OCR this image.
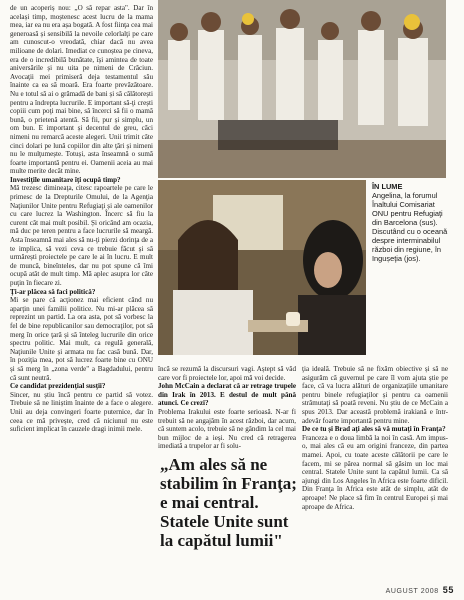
de un acoperiș nou: „O să repar asta". Dar în același timp, moștenesc acest lucru de la mama mea, iar ea nu era așa bogată. A fost fiinţa cea mai generoasă și sensibilă la nevoile celorlalţi pe care am cunoscut-o vreodată, chiar dacă nu avea milioane de dolari. Imediat ce cunoștea pe cineva, era de o incredibilă bunătate, își amintea de toate aniversările și nu uita pe nimeni de Crăciun. Avocaţii mei primiseră deja testamentul său înainte ca ea să moară. Era foarte prevăzătoare. Nu e totul să ai o grămadă de bani și să călătorești pentru a îndrepta lucrurile. E important să-ţi crești copiii cum poţi mai bine, să încerci să fii o mamă bună, o prietenă atentă. Să fii, pur și simplu, un om bun. E important și decentul de greu, căci nimeni nu remarcă aceste alegeri. Unii trimit câte cinci dolari pe lună copiilor din alte ţări și nimeni nu le mulţumește. Totuși, asta înseamnă o sumă foarte importantă pentru ei. Oamenii aceia au mai multe merite decât mine.

Investiţile umanitare îţi ocupă timp?

Mă trezesc dimineaţa, citesc rapoartele pe care le primesc de la Drepturile Omului, de la Agenţia Naţiunilor Unite pentru Refugiaţi și ale oamenilor cu care lucrez la Washington. Încerc să fiu la curent cât mai mult posibil. Și oricând am ocazia, mă duc pe teren pentru a face lucrurile să meargă. Asta înseamnă mai ales să nu-ţi pierzi dorinţa de a te implica, să vezi ceva ce trebuie făcut și să urmărești proiectele pe care le ai în lucru. E mult de muncă, bineînteles, dar nu pot spune că îmi ocupă atât de mult timp. Mă aplec asupra lor câte puţin în fiecare zi.

Ţi-ar plăcea să faci politică?

Mi se pare că acţionez mai eficient când nu aparţin unei familii politice. Nu mi-ar plăcea să reprezint un partid. La ora asta, pot să vorbesc la fel de bine republicanilor sau democraţilor, pot să merg în orice ţară și să înteleg lucrurile din orice spectru politic. Mai mult, ca regulă generală, Naţiunile Unite și armata nu fac casă bună. Dar, în poziţia mea, pot să lucrez foarte bine cu ONU și să merg în „zona verde" a Bagdadului, pentru că sunt neutră.

Ce candidat prezidenţial susţii?

Sincer, nu știu încă pentru ce partid să votez. Trebuie să ne liniștim înainte de a face o alegere. Unii au deja convingeri foarte puternice, dar în ceea ce mă privește, cred că niciunul nu este suficient implicat în cauzele dragi inimii mele.

ÎN LUME
Angelina, la forumul Înaltului Comisariat ONU pentru Refugiaţi din Barcelona (sus). Discutând cu o oceană despre interminabilul război din regiune, în Ingușeţia (jos).

încă se rezumă la discursuri vagi. Aștept să văd care vor fi proiectele lor, apoi mă voi decide.

John McCain a declarat că ar retrage trupele din Irak în 2013. E destul de mult până atunci. Ce crezi?

Problema Irakului este foarte serioasă. N-ar fi trebuit să ne angajăm în acest război, dar acum, că suntem acolo, trebuie să ne gândim la cel mai bun mijloc de a ieși. Nu cred că retragerea imediată a trupelor ar fi solu-

„Am ales să ne stabilim în Franţa; e mai central. Statele Unite sunt la capătul lumii"

ţia ideală. Trebuie să ne fixăm obiective și să ne asigurăm că guvernul pe care îl vom ajuta știe pe face, că va lucra alături de organizaţiile umanitare pentru binele refugiaţilor și pentru ca oamenii strămutaţi să poată reveni. Nu știu de ce McCain a spus 2013. Dar această problemă irakiană e într-adevăr foarte importantă pentru mine.

De ce tu și Brad aţi ales să vă mutaţi în Franţa?

Franceza e o doua limbă la noi în casă. Am impus-o, mai ales că eu am origini franceze, din partea mamei. Apoi, cu toate aceste călătorii pe care le facem, mi se părea normal să găsim un loc mai central. Statele Unite sunt la capătul lumii. Ca să ajungi din Los Angeles în Africa este foarte dificil. Din Franţa în Africa este atât de simplu, atât de aproape! Ne place să fim în centrul Europei și mai aproape de Africa.

AUGUST 2008 55
